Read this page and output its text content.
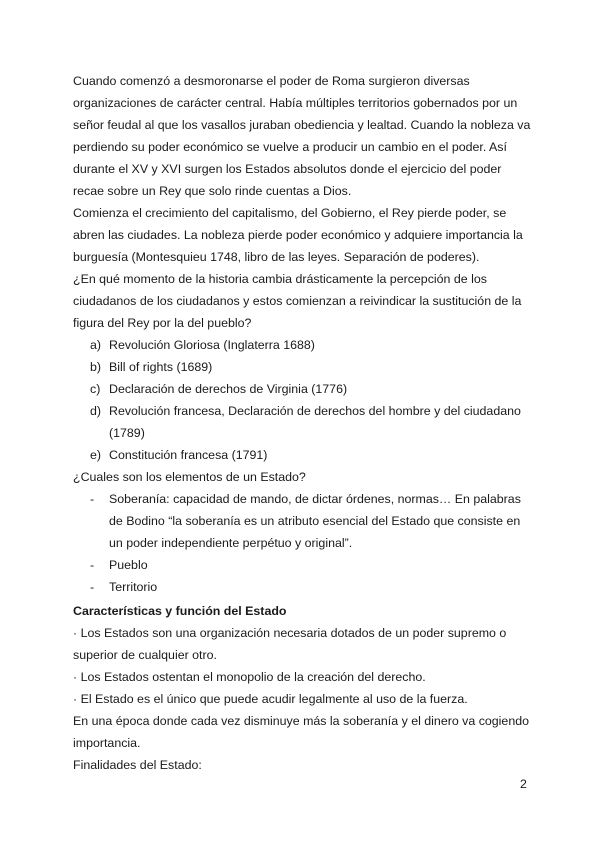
Cuando comenzó a desmoronarse el poder de Roma surgieron diversas organizaciones de carácter central. Había múltiples territorios gobernados por un señor feudal al que los vasallos juraban obediencia y lealtad. Cuando la nobleza va perdiendo su poder económico se vuelve a producir un cambio en el poder. Así durante el XV y XVI surgen los Estados absolutos donde el ejercicio del poder recae sobre un Rey que solo rinde cuentas a Dios.

Comienza el crecimiento del capitalismo, del Gobierno, el Rey pierde poder, se abren las ciudades. La nobleza pierde poder económico y adquiere importancia la burguesía (Montesquieu 1748, libro de las leyes. Separación de poderes).

¿En qué momento de la historia cambia drásticamente la percepción de los ciudadanos de los ciudadanos y estos comienzan a reivindicar la sustitución de la figura del Rey por la del pueblo?

a) Revolución Gloriosa (Inglaterra 1688)
b) Bill of rights (1689)
c) Declaración de derechos de Virginia (1776)
d) Revolución francesa, Declaración de derechos del hombre y del ciudadano (1789)
e) Constitución francesa (1791)

¿Cuales son los elementos de un Estado?

- Soberanía: capacidad de mando, de dictar órdenes, normas… En palabras de Bodino “la soberanía es un atributo esencial del Estado que consiste en un poder independiente perpétuo y original”.
- Pueblo
- Territorio

Características y función del Estado

· Los Estados son una organización necesaria dotados de un poder supremo o superior de cualquier otro.

· Los Estados ostentan el monopolio de la creación del derecho.

· El Estado es el único que puede acudir legalmente al uso de la fuerza.

En una época donde cada vez disminuye más la soberanía y el dinero va cogiendo importancia.

Finalidades del Estado:

2
